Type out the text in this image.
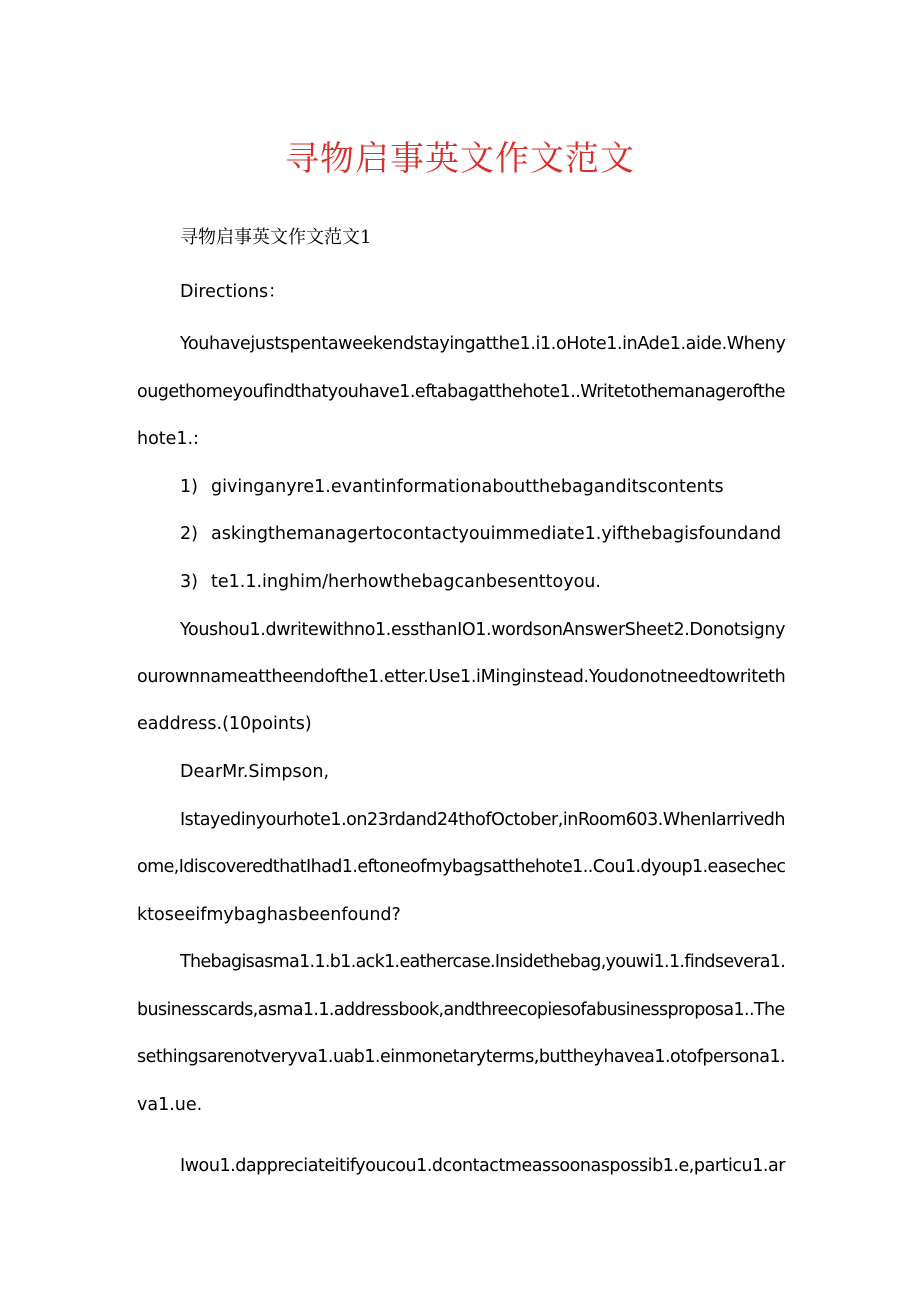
寻物启事英文作文范文

寻物启事英文作文范文1

Directions：

Youhavejustspentaweekendstayingatthe1.i1.oHote1.inAde1.aide.Wheny

ougethomeyoufindthatyouhave1.eftabagatthehote1..Writetothemanagerofthe

hote1.:

1) givinganyre1.evantinformationaboutthebaganditscontents
2) askingthemanagertocontactyouimmediate1.yifthebagisfoundand
3) te1.1.inghim/herhowthebagcanbesenttoyou.

Youshou1.dwritewithno1.essthanIO1.wordsonAnswerSheet2.Donotsigny

ourownnameattheendofthe1.etter.Use1.iMinginstead.Youdonotneedtowriteth

eaddress.(10points)

DearMr.Simpson,

Istayedinyourhote1.on23rdand24thofOctober,inRoom603.WhenIarrivedh

ome,IdiscoveredthatIhad1.eftoneofmybagsatthehote1..Cou1.dyoup1.easechec

ktoseeifmybaghasbeenfound?

Thebagisasma1.1.b1.ack1.eathercase.Insidethebag,youwi1.1.findsevera1.

businesscards,asma1.1.addressbook,andthreecopiesofabusinessproposa1..The

sethingsarenotveryva1.uab1.einmonetaryterms,buttheyhavea1.otofpersona1.

va1.ue.

Iwou1.dappreciateitifyoucou1.dcontactmeassoonaspossib1.e,particu1.ar
